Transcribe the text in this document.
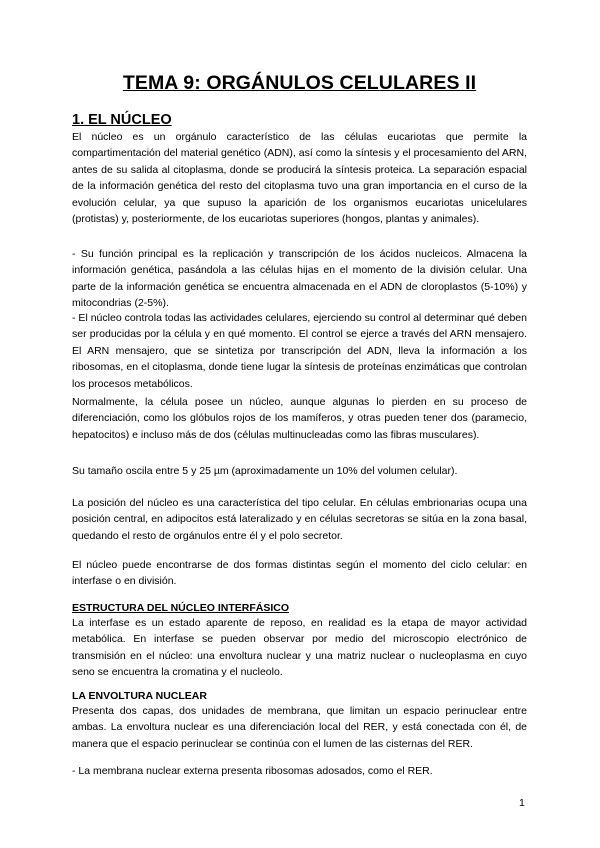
TEMA 9: ORGÁNULOS CELULARES II
1. EL NÚCLEO

El núcleo es un orgánulo característico de las células eucariotas que permite la compartimentación del material genético (ADN), así como la síntesis y el procesamiento del ARN, antes de su salida al citoplasma, donde se producirá la síntesis proteica. La separación espacial de la información genética del resto del citoplasma tuvo una gran importancia en el curso de la evolución celular, ya que supuso la aparición de los organismos eucariotas unicelulares (protistas) y, posteriormente, de los eucariotas superiores (hongos, plantas y animales).

- Su función principal es la replicación y transcripción de los ácidos nucleicos. Almacena la información genética, pasándola a las células hijas en el momento de la división celular. Una parte de la información genética se encuentra almacenada en el ADN de cloroplastos (5-10%) y mitocondrias (2-5%).

- El núcleo controla todas las actividades celulares, ejerciendo su control al determinar qué deben ser producidas por la célula y en qué momento. El control se ejerce a través del ARN mensajero. El ARN mensajero, que se sintetiza por transcripción del ADN, lleva la información a los ribosomas, en el citoplasma, donde tiene lugar la síntesis de proteínas enzimáticas que controlan los procesos metabólicos.

Normalmente, la célula posee un núcleo, aunque algunas lo pierden en su proceso de diferenciación, como los glóbulos rojos de los mamíferos, y otras pueden tener dos (paramecio, hepatocitos) e incluso más de dos (células multinucleadas como las fibras musculares).

Su tamaño oscila entre 5 y 25 µm (aproximadamente un 10% del volumen celular).

La posición del núcleo es una característica del tipo celular. En células embrionarias ocupa una posición central, en adipocitos está lateralizado y en células secretoras se sitúa en la zona basal, quedando el resto de orgánulos entre él y el polo secretor.

El núcleo puede encontrarse de dos formas distintas según el momento del ciclo celular: en interfase o en división.

ESTRUCTURA DEL NÚCLEO INTERFÁSICO

La interfase es un estado aparente de reposo, en realidad es la etapa de mayor actividad metabólica. En interfase se pueden observar por medio del microscopio electrónico de transmisión en el núcleo: una envoltura nuclear y una matriz nuclear o nucleoplasma en cuyo seno se encuentra la cromatina y el nucleolo.

LA ENVOLTURA NUCLEAR

Presenta dos capas, dos unidades de membrana, que limitan un espacio perinuclear entre ambas. La envoltura nuclear es una diferenciación local del RER, y está conectada con él, de manera que el espacio perinuclear se continúa con el lumen de las cisternas del RER.

- La membrana nuclear externa presenta ribosomas adosados, como el RER.

1
